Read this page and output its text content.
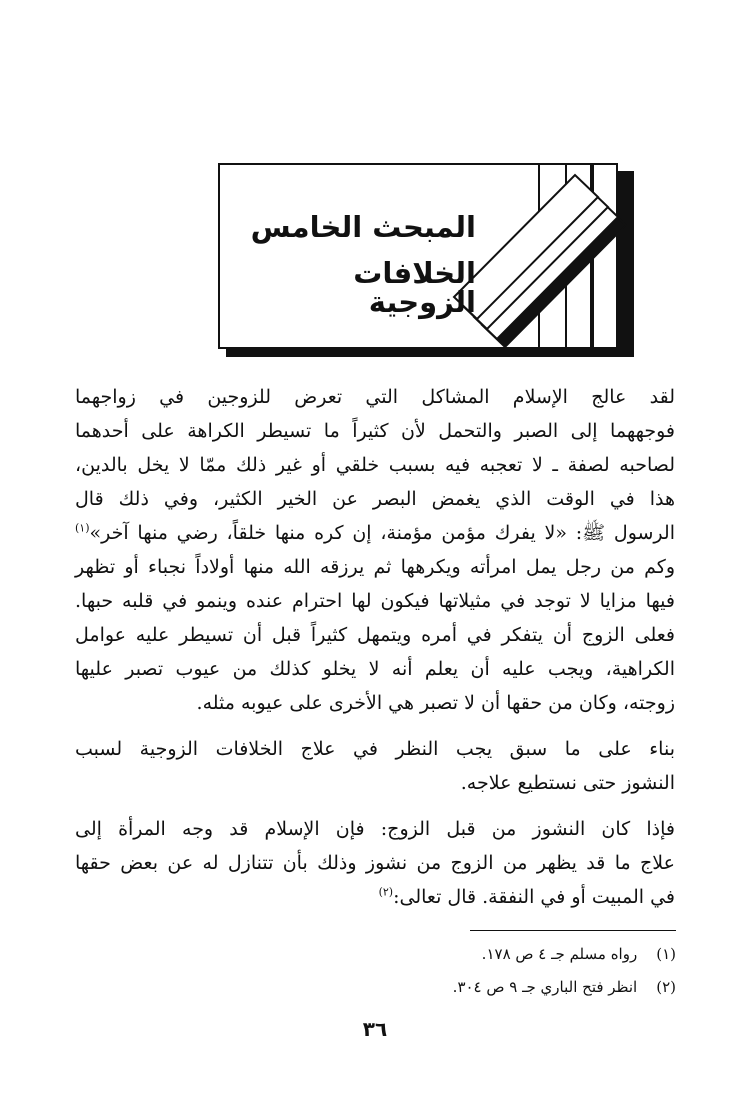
المبحث الخامس
الخلافات الزوجية

لقد عالج الإسلام المشاكل التي تعرض للزوجين في زواجهما
فوجههما إلى الصبر والتحمل لأن كثيراً ما تسيطر الكراهة على أحدهما
لصاحبه لصفة ـ لا تعجبه فيه بسبب خلقي أو غير ذلك ممّا لا يخل بالدين،
هذا في الوقت الذي يغمض البصر عن الخير الكثير، وفي ذلك قال
الرسول ﷺ: «لا يفرك مؤمن مؤمنة، إن كره منها خلقاً، رضي منها آخر»$^{(١)}$
وكم من رجل يمل امرأته ويكرهها ثم يرزقه الله منها أولاداً نجباء أو تظهر
فيها مزايا لا توجد في مثيلاتها فيكون لها احترام عنده وينمو في قلبه حبها.
فعلى الزوج أن يتفكر في أمره ويتمهل كثيراً قبل أن تسيطر عليه عوامل
الكراهية، ويجب عليه أن يعلم أنه لا يخلو كذلك من عيوب تصبر عليها
زوجته، وكان من حقها أن لا تصبر هي الأخرى على عيوبه مثله.

بناء على ما سبق يجب النظر في علاج الخلافات الزوجية لسبب
النشوز حتى نستطيع علاجه.

فإذا كان النشوز من قبل الزوج: فإن الإسلام قد وجه المرأة إلى
علاج ما قد يظهر من الزوج من نشوز وذلك بأن تتنازل له عن بعض حقها
في المبيت أو في النفقة. قال تعالى:$^{(٢)}$

(١) رواه مسلم جـ ٤ ص ١٧٨.
(٢) انظر فتح الباري جـ ٩ ص ٣٠٤.
٣٦
